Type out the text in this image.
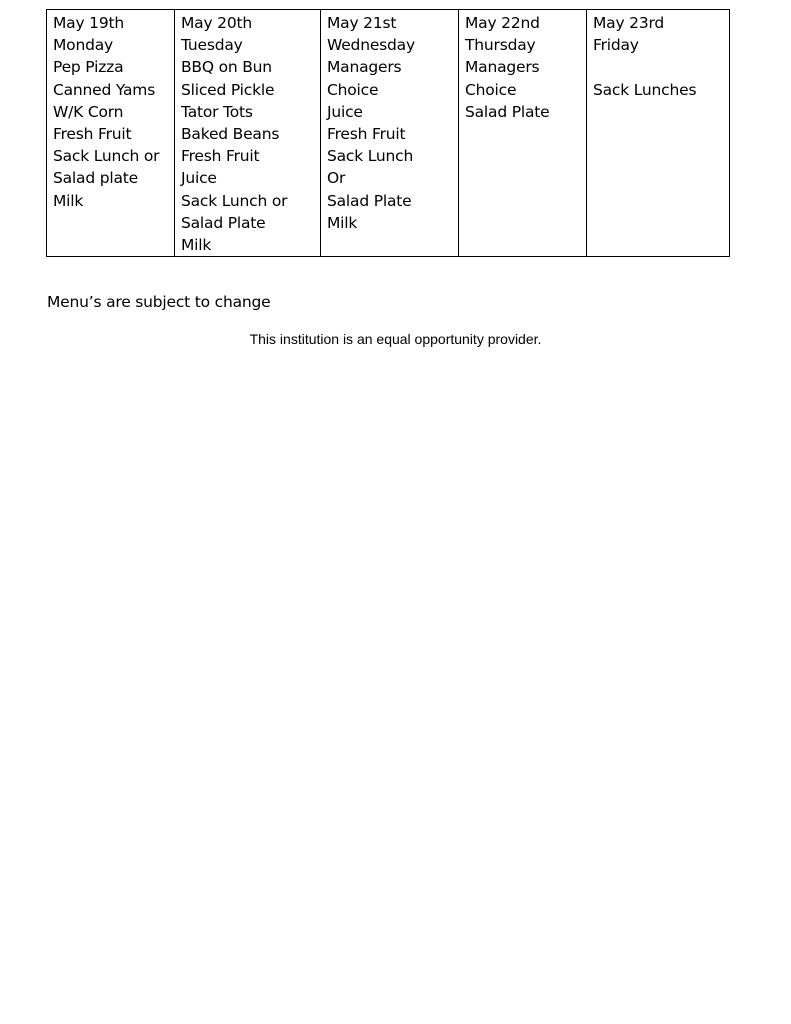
May 19th
Monday
Pep Pizza
Canned Yams
W/K Corn
Fresh Fruit
Sack Lunch or
Salad plate
Milk

May 20th
Tuesday
BBQ on Bun
Sliced Pickle
Tator Tots
Baked Beans
Fresh Fruit
Juice
Sack Lunch or
Salad Plate
Milk

May 21st
Wednesday
Managers
Choice
Juice
Fresh Fruit
Sack Lunch
Or
Salad Plate
Milk

May 22nd
Thursday
Managers
Choice
Salad Plate

May 23rd
Friday
Sack Lunches
Menu’s are subject to change
This institution is an equal opportunity provider.
